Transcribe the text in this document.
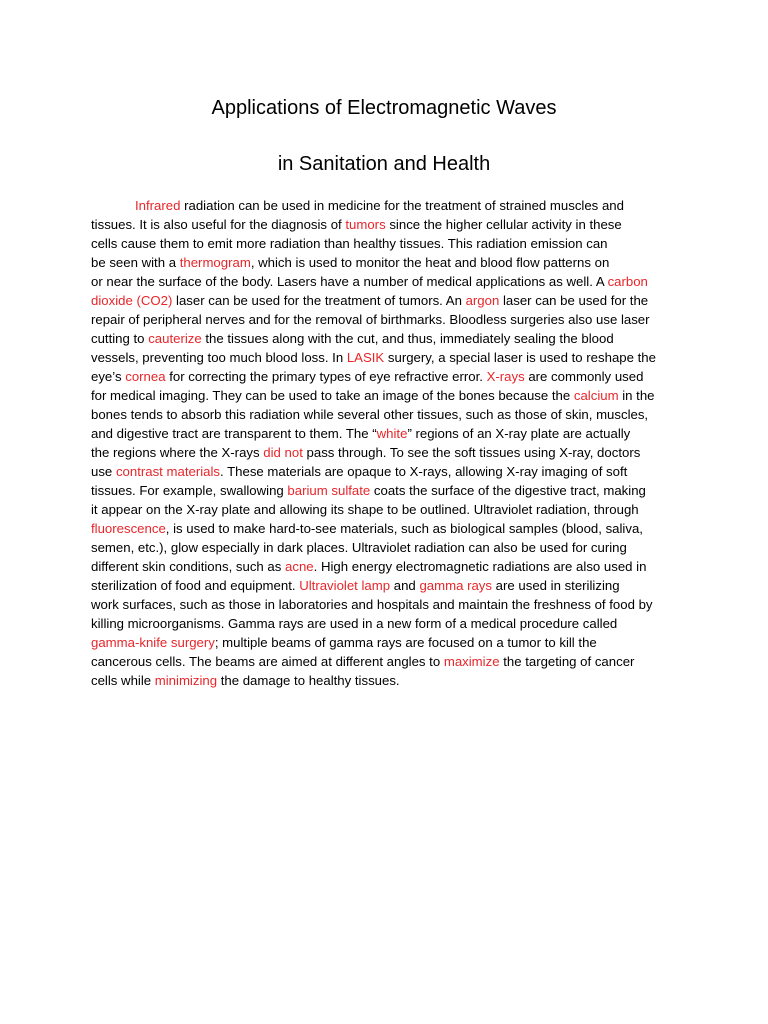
Applications of Electromagnetic Waves
in Sanitation and Health
Infrared radiation can be used in medicine for the treatment of strained muscles and
tissues. It is also useful for the diagnosis of tumors since the higher cellular activity in these
cells cause them to emit more radiation than healthy tissues. This radiation emission can
be seen with a thermogram, which is used to monitor the heat and blood flow patterns on
or near the surface of the body. Lasers have a number of medical applications as well. A carbon
dioxide (CO2) laser can be used for the treatment of tumors. An argon laser can be used for the
repair of peripheral nerves and for the removal of birthmarks. Bloodless surgeries also use laser
cutting to cauterize the tissues along with the cut, and thus, immediately sealing the blood
vessels, preventing too much blood loss. In LASIK surgery, a special laser is used to reshape the
eye’s cornea for correcting the primary types of eye refractive error. X-rays are commonly used
for medical imaging. They can be used to take an image of the bones because the calcium in the
bones tends to absorb this radiation while several other tissues, such as those of skin, muscles,
and digestive tract are transparent to them. The “white” regions of an X-ray plate are actually
the regions where the X-rays did not pass through. To see the soft tissues using X-ray, doctors
use contrast materials. These materials are opaque to X-rays, allowing X-ray imaging of soft
tissues. For example, swallowing barium sulfate coats the surface of the digestive tract, making
it appear on the X-ray plate and allowing its shape to be outlined. Ultraviolet radiation, through
fluorescence, is used to make hard-to-see materials, such as biological samples (blood, saliva,
semen, etc.), glow especially in dark places. Ultraviolet radiation can also be used for curing
different skin conditions, such as acne. High energy electromagnetic radiations are also used in
sterilization of food and equipment. Ultraviolet lamp and gamma rays are used in sterilizing
work surfaces, such as those in laboratories and hospitals and maintain the freshness of food by
killing microorganisms. Gamma rays are used in a new form of a medical procedure called
gamma-knife surgery; multiple beams of gamma rays are focused on a tumor to kill the
cancerous cells. The beams are aimed at different angles to maximize the targeting of cancer
cells while minimizing the damage to healthy tissues.
